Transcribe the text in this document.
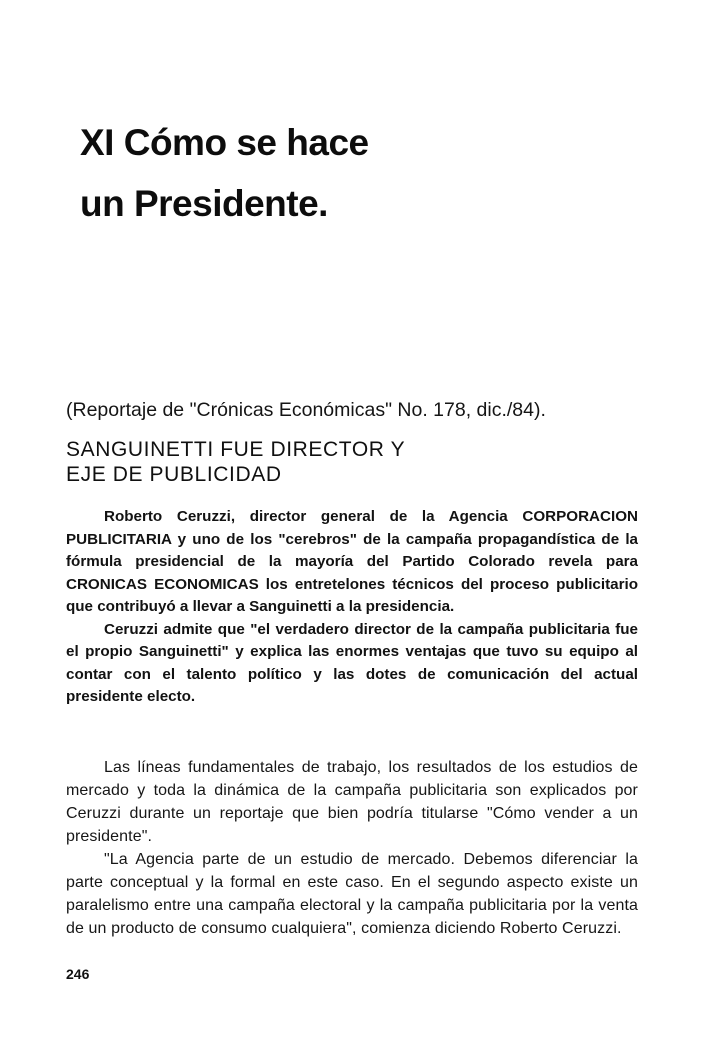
XI Cómo se hace
un Presidente.
(Reportaje de "Crónicas Económicas" No. 178, dic./84).
SANGUINETTI FUE DIRECTOR Y
EJE DE PUBLICIDAD

Roberto Ceruzzi, director general de la Agencia CORPORACION PUBLICITARIA y uno de los "cerebros" de la campaña propagandística de la fórmula presidencial de la mayoría del Partido Colorado revela para CRONICAS ECONOMICAS los entretelones técnicos del proceso publicitario que contribuyó a llevar a Sanguinetti a la presidencia.

Ceruzzi admite que "el verdadero director de la campaña publicitaria fue el propio Sanguinetti" y explica las enormes ventajas que tuvo su equipo al contar con el talento político y las dotes de comunicación del actual presidente electo.

Las líneas fundamentales de trabajo, los resultados de los estudios de mercado y toda la dinámica de la campaña publicitaria son explicados por Ceruzzi durante un reportaje que bien podría titularse "Cómo vender a un presidente".

"La Agencia parte de un estudio de mercado. Debemos diferenciar la parte conceptual y la formal en este caso. En el segundo aspecto existe un paralelismo entre una campaña electoral y la campaña publicitaria por la venta de un producto de consumo cualquiera", comienza diciendo Roberto Ceruzzi.

246
